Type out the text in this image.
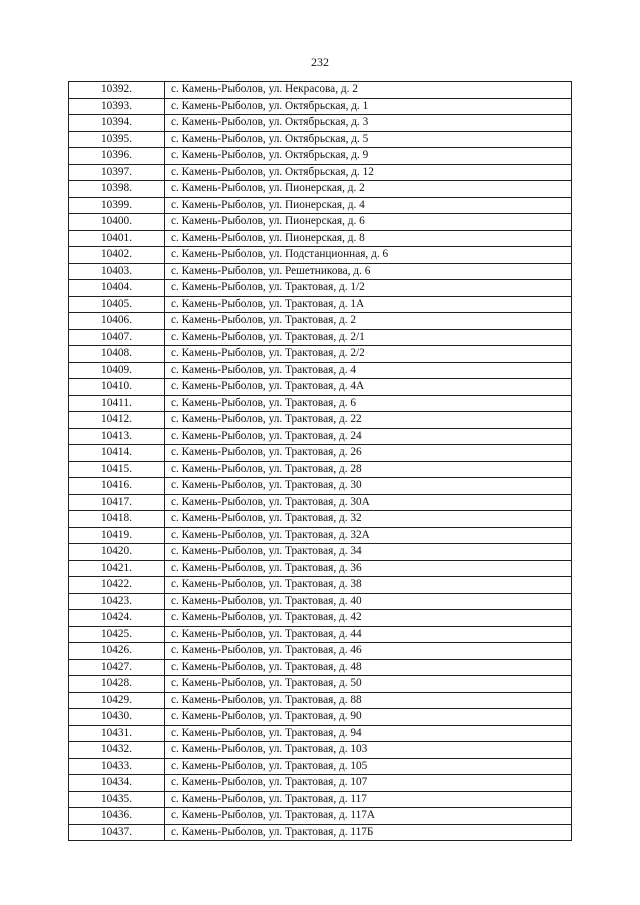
232
10392.	с. Камень-Рыболов, ул. Некрасова, д. 2
10393.	с. Камень-Рыболов, ул. Октябрьская, д. 1
10394.	с. Камень-Рыболов, ул. Октябрьская, д. 3
10395.	с. Камень-Рыболов, ул. Октябрьская, д. 5
10396.	с. Камень-Рыболов, ул. Октябрьская, д. 9
10397.	с. Камень-Рыболов, ул. Октябрьская, д. 12
10398.	с. Камень-Рыболов, ул. Пионерская, д. 2
10399.	с. Камень-Рыболов, ул. Пионерская, д. 4
10400.	с. Камень-Рыболов, ул. Пионерская, д. 6
10401.	с. Камень-Рыболов, ул. Пионерская, д. 8
10402.	с. Камень-Рыболов, ул. Подстанционная, д. 6
10403.	с. Камень-Рыболов, ул. Решетникова, д. 6
10404.	с. Камень-Рыболов, ул. Трактовая, д. 1/2
10405.	с. Камень-Рыболов, ул. Трактовая, д. 1А
10406.	с. Камень-Рыболов, ул. Трактовая, д. 2
10407.	с. Камень-Рыболов, ул. Трактовая, д. 2/1
10408.	с. Камень-Рыболов, ул. Трактовая, д. 2/2
10409.	с. Камень-Рыболов, ул. Трактовая, д. 4
10410.	с. Камень-Рыболов, ул. Трактовая, д. 4А
10411.	с. Камень-Рыболов, ул. Трактовая, д. 6
10412.	с. Камень-Рыболов, ул. Трактовая, д. 22
10413.	с. Камень-Рыболов, ул. Трактовая, д. 24
10414.	с. Камень-Рыболов, ул. Трактовая, д. 26
10415.	с. Камень-Рыболов, ул. Трактовая, д. 28
10416.	с. Камень-Рыболов, ул. Трактовая, д. 30
10417.	с. Камень-Рыболов, ул. Трактовая, д. 30А
10418.	с. Камень-Рыболов, ул. Трактовая, д. 32
10419.	с. Камень-Рыболов, ул. Трактовая, д. 32А
10420.	с. Камень-Рыболов, ул. Трактовая, д. 34
10421.	с. Камень-Рыболов, ул. Трактовая, д. 36
10422.	с. Камень-Рыболов, ул. Трактовая, д. 38
10423.	с. Камень-Рыболов, ул. Трактовая, д. 40
10424.	с. Камень-Рыболов, ул. Трактовая, д. 42
10425.	с. Камень-Рыболов, ул. Трактовая, д. 44
10426.	с. Камень-Рыболов, ул. Трактовая, д. 46
10427.	с. Камень-Рыболов, ул. Трактовая, д. 48
10428.	с. Камень-Рыболов, ул. Трактовая, д. 50
10429.	с. Камень-Рыболов, ул. Трактовая, д. 88
10430.	с. Камень-Рыболов, ул. Трактовая, д. 90
10431.	с. Камень-Рыболов, ул. Трактовая, д. 94
10432.	с. Камень-Рыболов, ул. Трактовая, д. 103
10433.	с. Камень-Рыболов, ул. Трактовая, д. 105
10434.	с. Камень-Рыболов, ул. Трактовая, д. 107
10435.	с. Камень-Рыболов, ул. Трактовая, д. 117
10436.	с. Камень-Рыболов, ул. Трактовая, д. 117А
10437.	с. Камень-Рыболов, ул. Трактовая, д. 117Б
